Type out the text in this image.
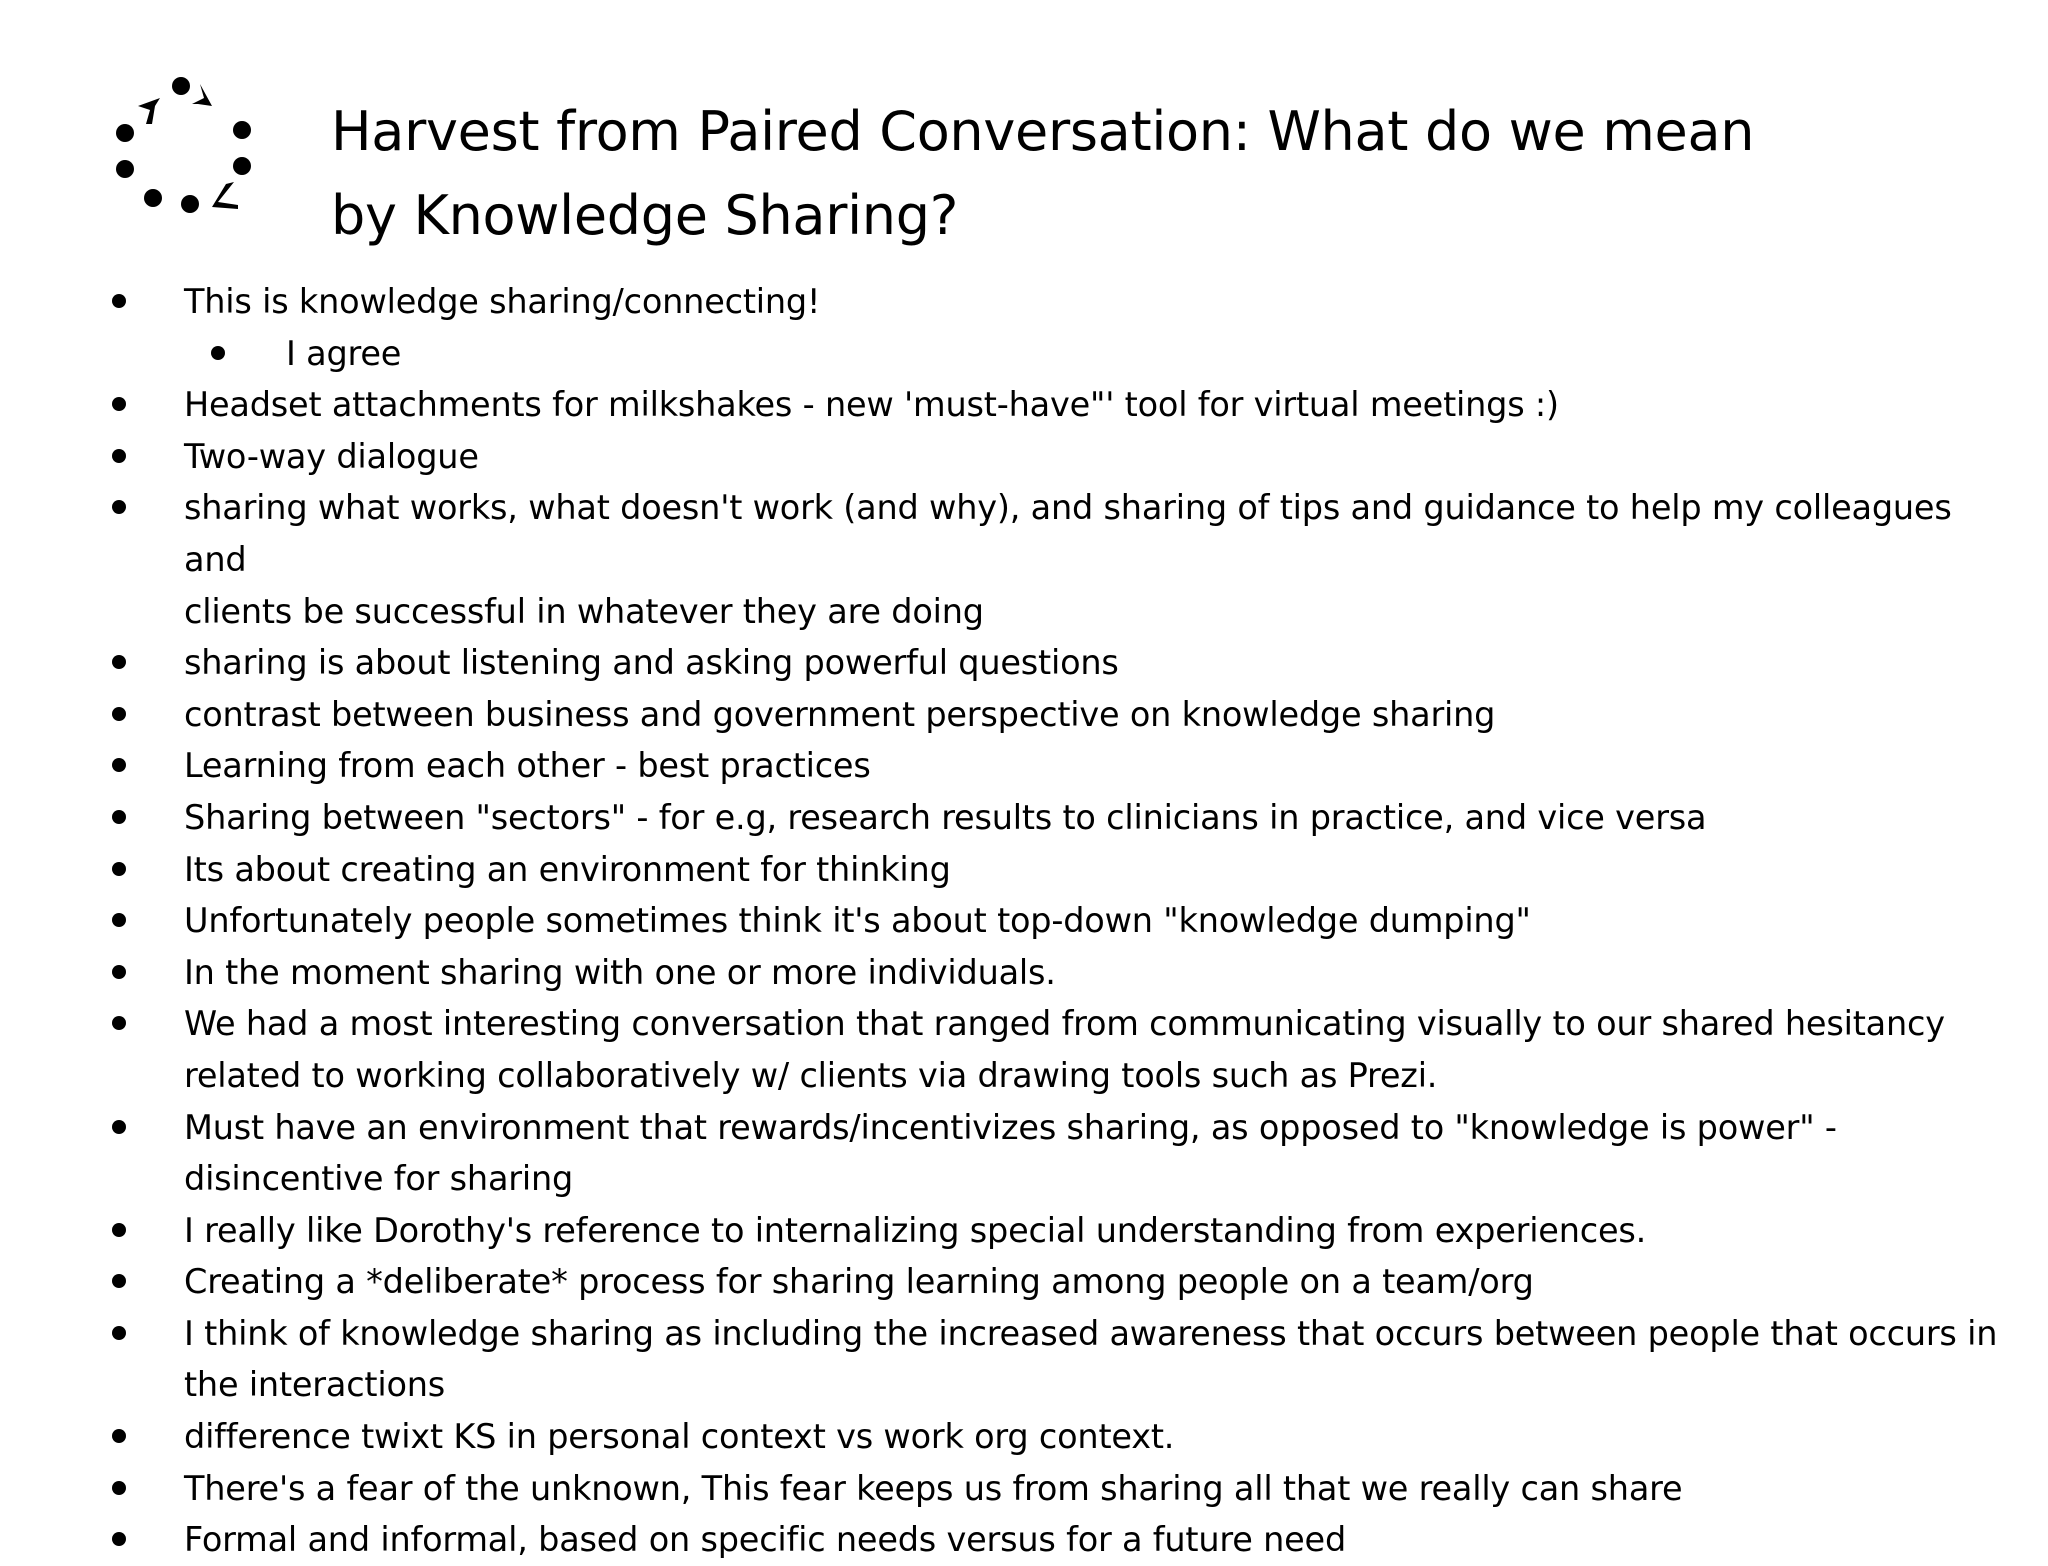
Harvest from Paired Conversation: What do we mean
by Knowledge Sharing?
This is knowledge sharing/connecting!
I agree
Headset attachments for milkshakes - new 'must-have"' tool for virtual meetings :)
Two-way dialogue
sharing what works, what doesn't work (and why), and sharing of tips and guidance to help my colleagues and
clients be successful in whatever they are doing
sharing is about listening and asking powerful questions
contrast between business and government perspective on knowledge sharing
Learning from each other - best practices
Sharing between "sectors" - for e.g, research results to clinicians in practice, and vice versa
Its about creating an environment for thinking
Unfortunately people sometimes think it's about top-down "knowledge dumping"
In the moment sharing with one or more individuals.
We had a most interesting conversation that ranged from communicating visually to our shared hesitancy
related to working collaboratively w/ clients via drawing tools such as Prezi.
Must have an environment that rewards/incentivizes sharing, as opposed to "knowledge is power" -
disincentive for sharing
I really like Dorothy's reference to internalizing special understanding from experiences.
Creating a *deliberate* process for sharing learning among people on a team/org
I think of knowledge sharing as including the increased awareness that occurs between people that occurs in
the interactions
difference twixt KS in personal context vs work org context.
There's a fear of the unknown, This fear keeps us from sharing all that we really can share
Formal and informal, based on specific needs versus for a future need
